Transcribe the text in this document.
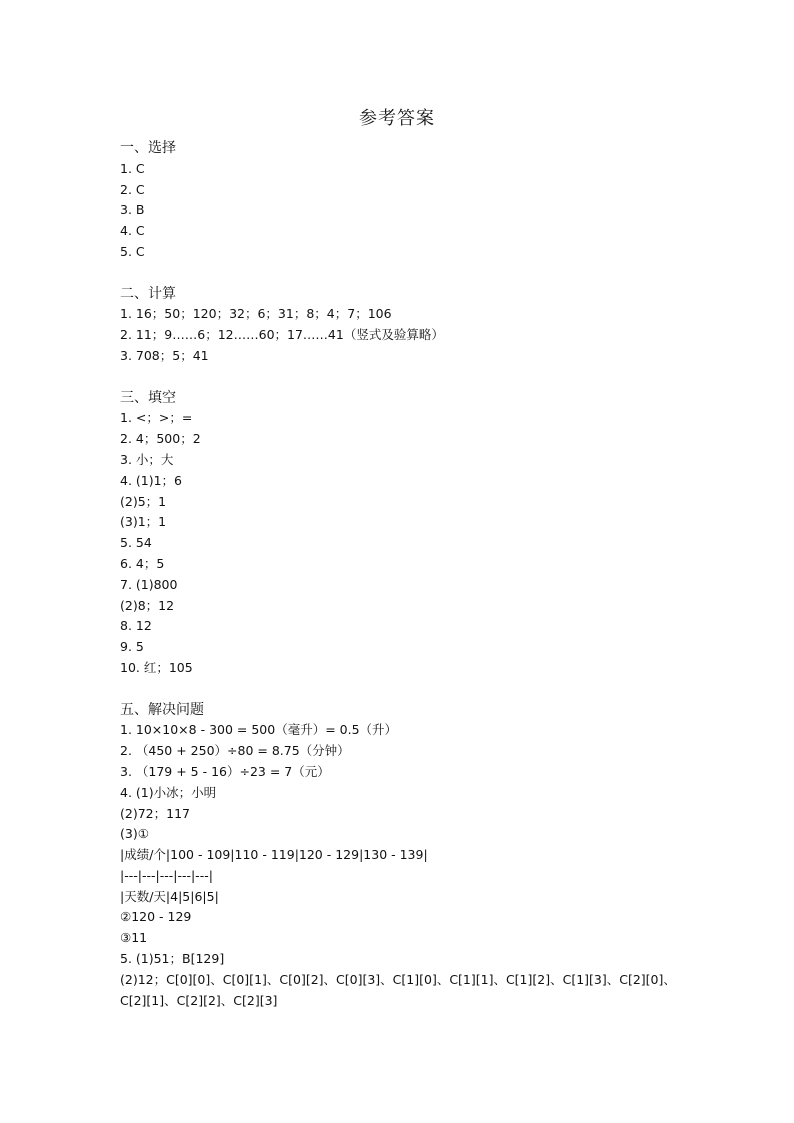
参考答案
一、选择
1. C
2. C
3. B
4. C
5. C
二、计算
1. 16；50；120；32；6；31；8；4；7；106
2. 11；9……6；12……60；17……41（竖式及验算略）
3. 708；5；41
三、填空
1. <；>；=
2. 4；500；2
3. 小；大
4. (1)1；6
(2)5；1
(3)1；1
5. 54
6. 4；5
7. (1)800
(2)8；12
8. 12
9. 5
10. 红；105
五、解决问题
1. 10×10×8 - 300 = 500（毫升）= 0.5（升）
2. （450 + 250）÷80 = 8.75（分钟）
3. （179 + 5 - 16）÷23 = 7（元）
4. (1)小冰；小明
(2)72；117
(3)①
|成绩/个|100 - 109|110 - 119|120 - 129|130 - 139|
|---|---|---|---|---|
|天数/天|4|5|6|5|
②120 - 129
③11
5. (1)51；B[129]
(2)12；C[0][0]、C[0][1]、C[0][2]、C[0][3]、C[1][0]、C[1][1]、C[1][2]、C[1][3]、C[2][0]、
C[2][1]、C[2][2]、C[2][3]
